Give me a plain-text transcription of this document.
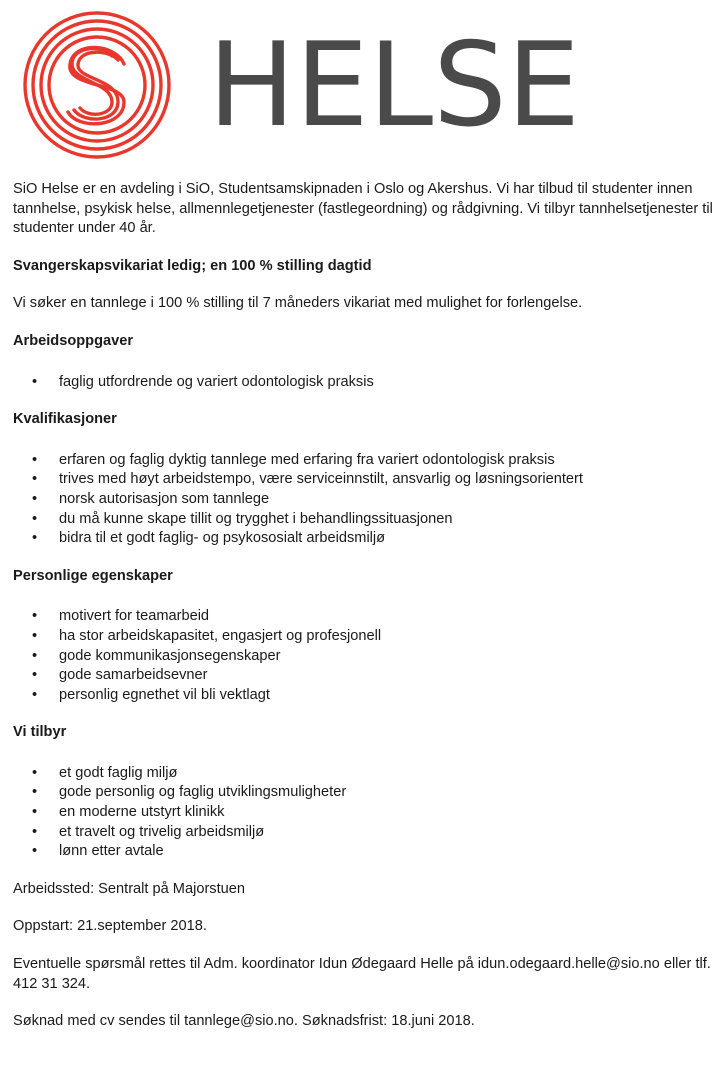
HELSE

SiO Helse er en avdeling i SiO, Studentsamskipnaden i Oslo og Akershus. Vi har tilbud til studenter innen tannhelse, psykisk helse, allmennlegetjenester (fastlegeordning) og rådgivning. Vi tilbyr tannhelsetjenester til studenter under 40 år.

Svangerskapsvikariat ledig; en 100 % stilling dagtid

Vi søker en tannlege i 100 % stilling til 7 måneders vikariat med mulighet for forlengelse.

Arbeidsoppgaver

• faglig utfordrende og variert odontologisk praksis

Kvalifikasjoner

• erfaren og faglig dyktig tannlege med erfaring fra variert odontologisk praksis
• trives med høyt arbeidstempo, være serviceinnstilt, ansvarlig og løsningsorientert
• norsk autorisasjon som tannlege
• du må kunne skape tillit og trygghet i behandlingssituasjonen
• bidra til et godt faglig- og psykososialt arbeidsmiljø

Personlige egenskaper

• motivert for teamarbeid
• ha stor arbeidskapasitet, engasjert og profesjonell
• gode kommunikasjonsegenskaper
• gode samarbeidsevner
• personlig egnethet vil bli vektlagt

Vi tilbyr

• et godt faglig miljø
• gode personlig og faglig utviklingsmuligheter
• en moderne utstyrt klinikk
• et travelt og trivelig arbeidsmiljø
• lønn etter avtale

Arbeidssted: Sentralt på Majorstuen

Oppstart: 21.september 2018.

Eventuelle spørsmål rettes til Adm. koordinator Idun Ødegaard Helle på idun.odegaard.helle@sio.no eller tlf. 412 31 324.

Søknad med cv sendes til tannlege@sio.no. Søknadsfrist: 18.juni 2018.
